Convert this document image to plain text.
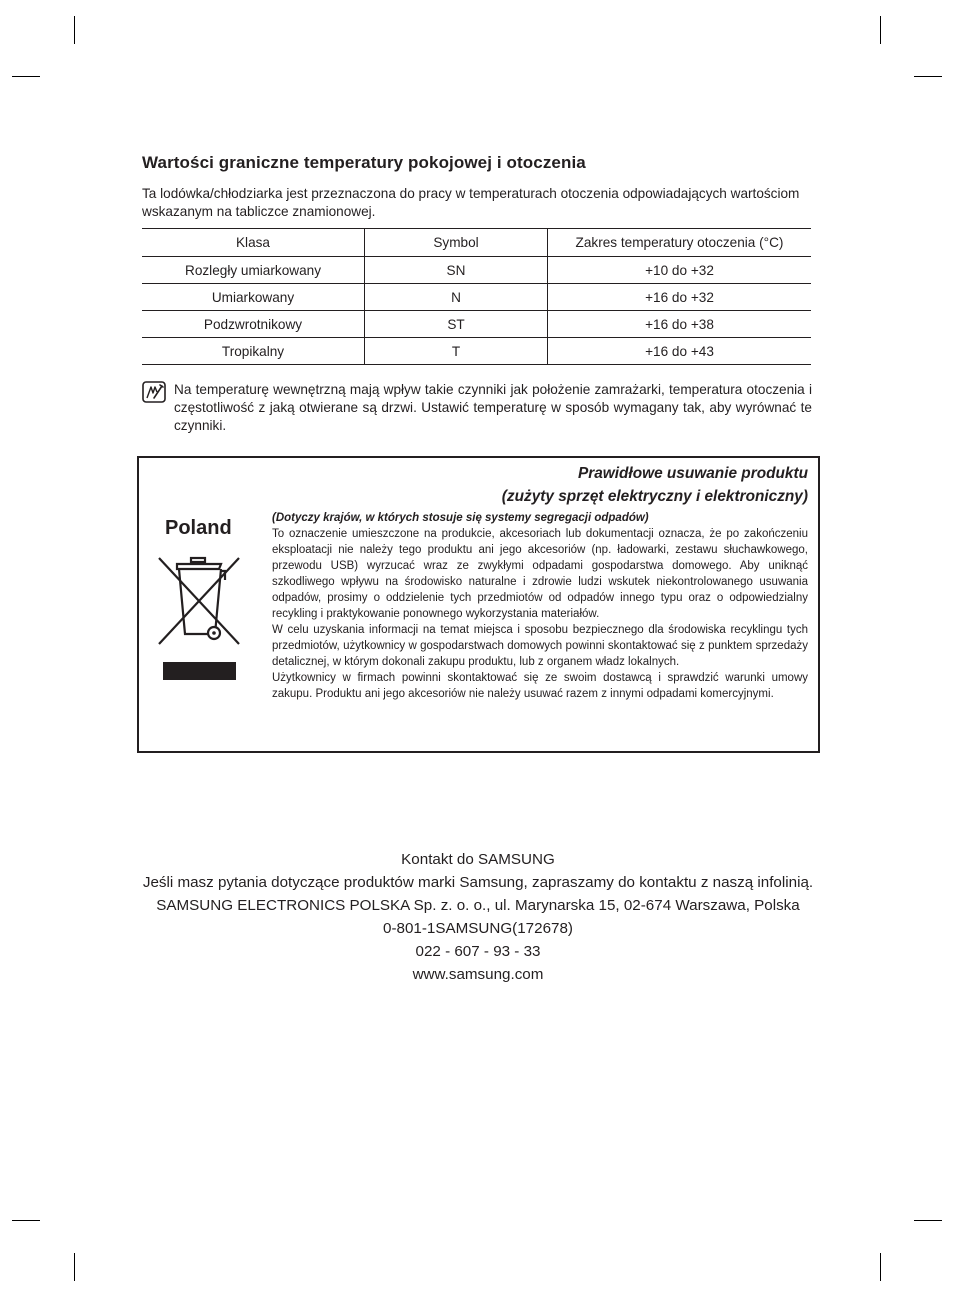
Wartości graniczne temperatury pokojowej i otoczenia
Ta lodówka/chłodziarka jest przeznaczona do pracy w temperaturach otoczenia odpowiadających wartościom wskazanym na tabliczce znamionowej.
Klasa	Symbol	Zakres temperatury otoczenia (°C)
Rozległy umiarkowany	SN	+10 do +32
Umiarkowany	N	+16 do +32
Podzwrotnikowy	ST	+16 do +38
Tropikalny	T	+16 do +43
Na temperaturę wewnętrzną mają wpływ takie czynniki jak położenie zamrażarki, temperatura otoczenia i częstotliwość z jaką otwierane są drzwi. Ustawić temperaturę w sposób wymagany tak, aby wyrównać te czynniki.
Prawidłowe usuwanie produktu
(zużyty sprzęt elektryczny i elektroniczny)
Poland	(Dotyczy krajów, w których stosuje się systemy segregacji odpadów)

To oznaczenie umieszczone na produkcie, akcesoriach lub dokumentacji oznacza, że po zakończeniu eksploatacji nie należy tego produktu ani jego akcesoriów (np. ładowarki, zestawu słuchawkowego, przewodu USB) wyrzucać wraz ze zwykłymi odpadami gospodarstwa domowego. Aby uniknąć szkodliwego wpływu na środowisko naturalne i zdrowie ludzi wskutek niekontrolowanego usuwania odpadów, prosimy o oddzielenie tych przedmiotów od odpadów innego typu oraz o odpowiedzialny recykling i praktykowanie ponownego wykorzystania materiałów.

W celu uzyskania informacji na temat miejsca i sposobu bezpiecznego dla środowiska recyklingu tych przedmiotów, użytkownicy w gospodarstwach domowych powinni skontaktować się z punktem sprzedaży detalicznej, w którym dokonali zakupu produktu, lub z organem władz lokalnych.

Użytkownicy w firmach powinni skontaktować się ze swoim dostawcą i sprawdzić warunki umowy zakupu. Produktu ani jego akcesoriów nie należy usuwać razem z innymi odpadami komercyjnymi.

Kontakt do SAMSUNG

Jeśli masz pytania dotyczące produktów marki Samsung, zapraszamy do kontaktu z naszą infolinią.

SAMSUNG ELECTRONICS POLSKA Sp. z. o. o., ul. Marynarska 15, 02-674 Warszawa, Polska

0-801-1SAMSUNG(172678)

022 - 607 - 93 - 33

www.samsung.com
